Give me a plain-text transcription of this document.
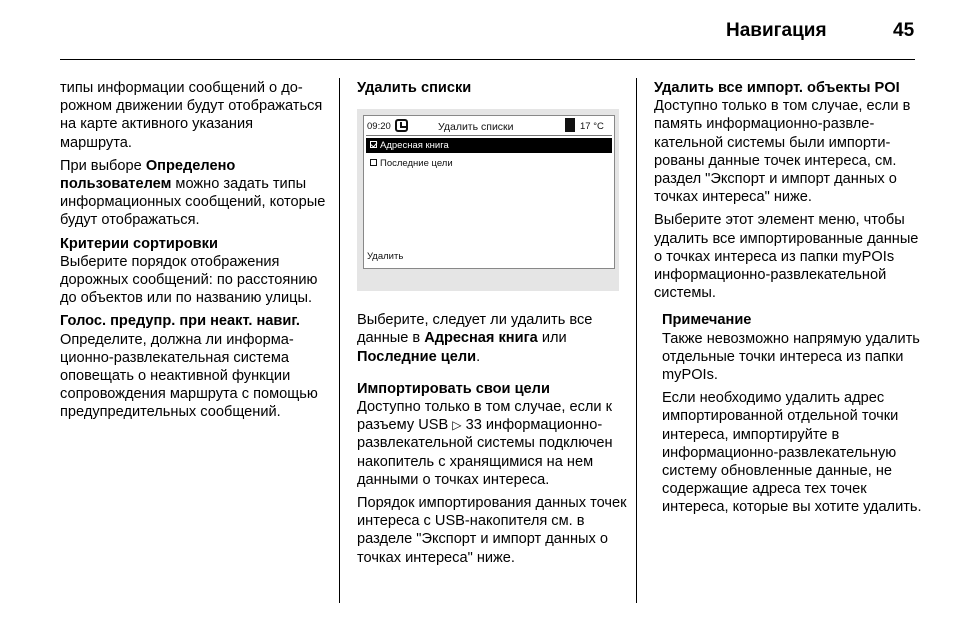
Навигация	45

типы информации сообщений о дорожном движении будут отображаться на карте активного указания маршрута.

При выборе Определено пользователем можно задать типы информационных сообщений, которые будут отображаться.

Критерии сортировки

Выберите порядок отображения дорожных сообщений: по расстоянию до объектов или по названию улицы.

Голос. предупр. при неакт. навиг.

Определите, должна ли информационно-развлекательная система оповещать о неактивной функции сопровождения маршрута с помощью предупредительных сообщений.

Удалить списки
09:20	Удалить списки	17 °C
Адресная книга
Последние цели
Удалить

Выберите, следует ли удалить все данные в Адресная книга или Последние цели.

Импортировать свои цели

Доступно только в том случае, если к разъему USB ▷ 33 информационно-развлекательной системы подключен накопитель с хранящимися на нем данными о точках интереса.

Порядок импортирования данных точек интереса с USB-накопителя см. в разделе "Экспорт и импорт данных о точках интереса" ниже.

Удалить все импорт. объекты POI

Доступно только в том случае, если в память информационно-развлекательной системы были импортированы данные точек интереса, см. раздел "Экспорт и импорт данных о точках интереса" ниже.

Выберите этот элемент меню, чтобы удалить все импортированные данные о точках интереса из папки myPOIs информационно-развлекательной системы.

Примечание

Также невозможно напрямую удалить отдельные точки интереса из папки myPOIs.

Если необходимо удалить адрес импортированной отдельной точки интереса, импортируйте в информационно-развлекательную систему обновленные данные, не содержащие адреса тех точек интереса, которые вы хотите удалить.
